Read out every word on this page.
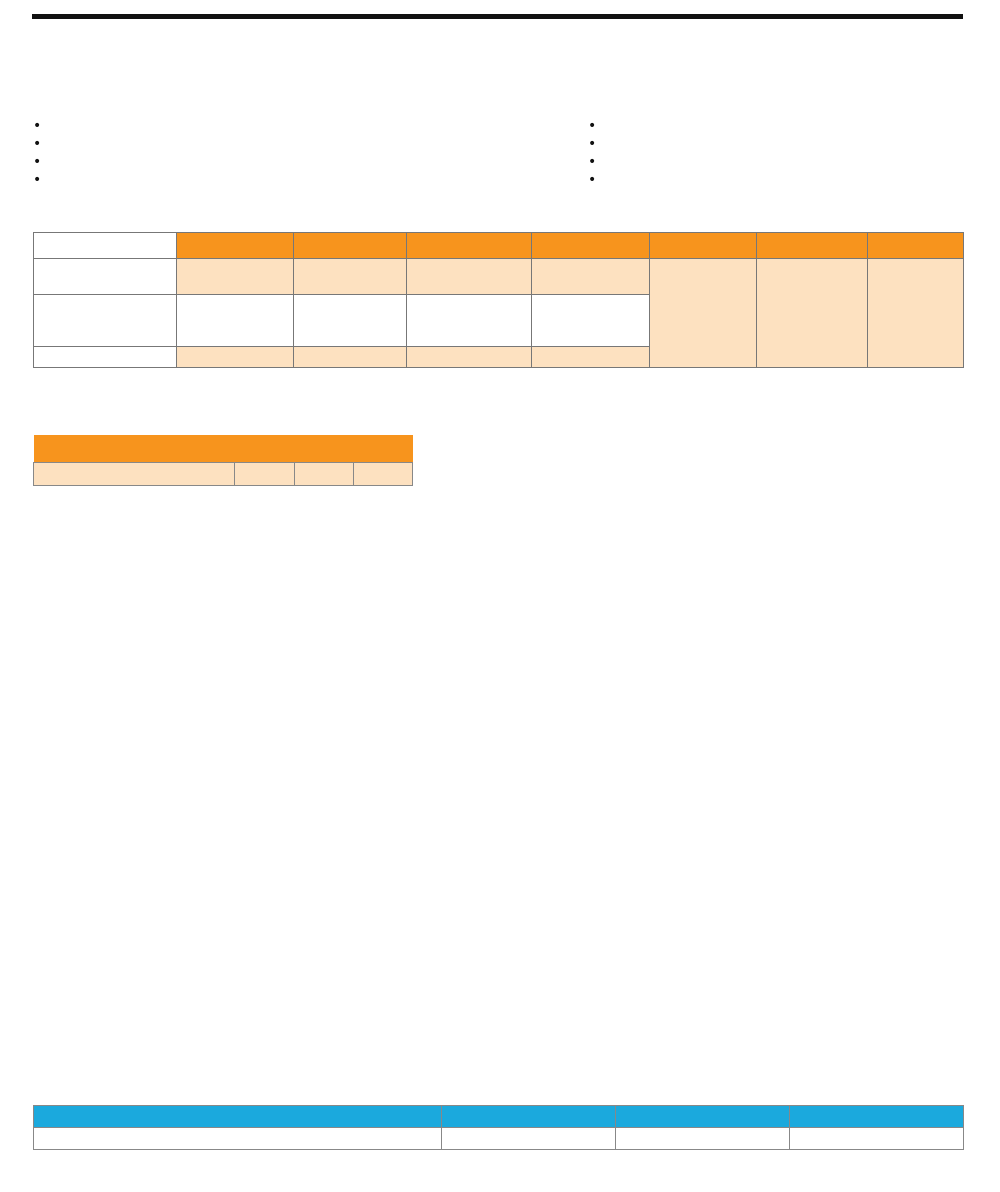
•
•
•
•
•
•
•
•
